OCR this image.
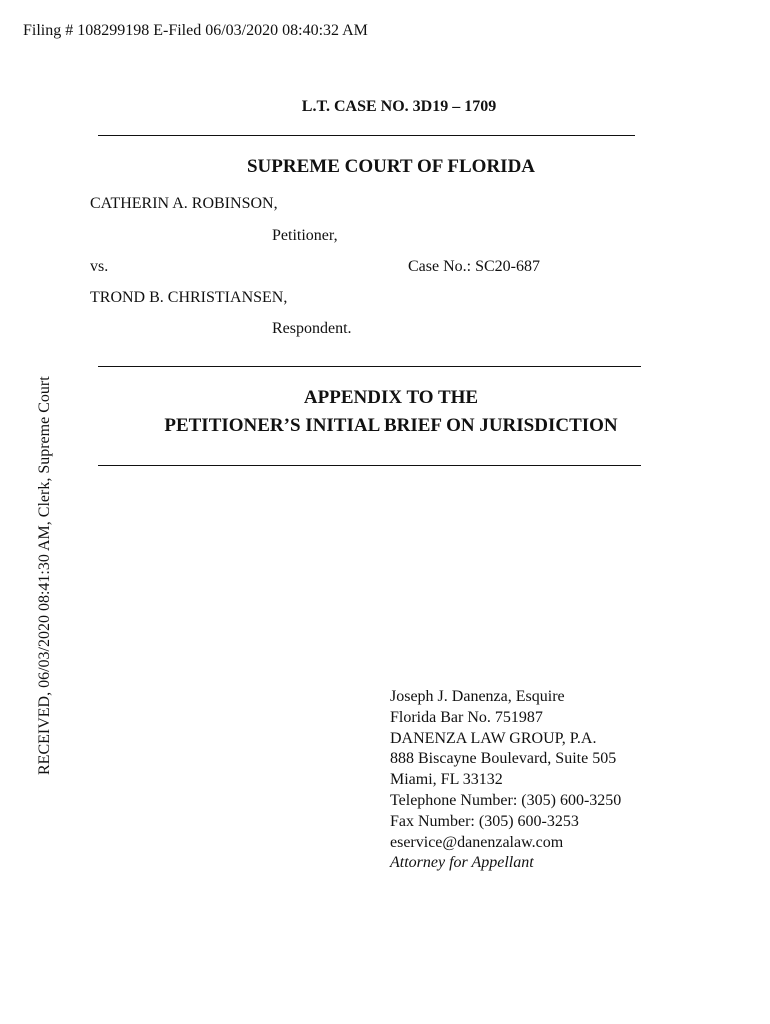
Filing # 108299198 E-Filed 06/03/2020 08:40:32 AM
RECEIVED, 06/03/2020 08:41:30 AM, Clerk, Supreme Court
L.T. CASE NO. 3D19 – 1709
SUPREME COURT OF FLORIDA
CATHERIN A. ROBINSON,
Petitioner,
vs.	Case No.: SC20-687
TROND B. CHRISTIANSEN,
Respondent.
APPENDIX TO THE
PETITIONER’S INITIAL BRIEF ON JURISDICTION
Joseph J. Danenza, Esquire
Florida Bar No. 751987
DANENZA LAW GROUP, P.A.
888 Biscayne Boulevard, Suite 505
Miami, FL 33132
Telephone Number: (305) 600-3250
Fax Number: (305) 600-3253
eservice@danenzalaw.com
Attorney for Appellant
